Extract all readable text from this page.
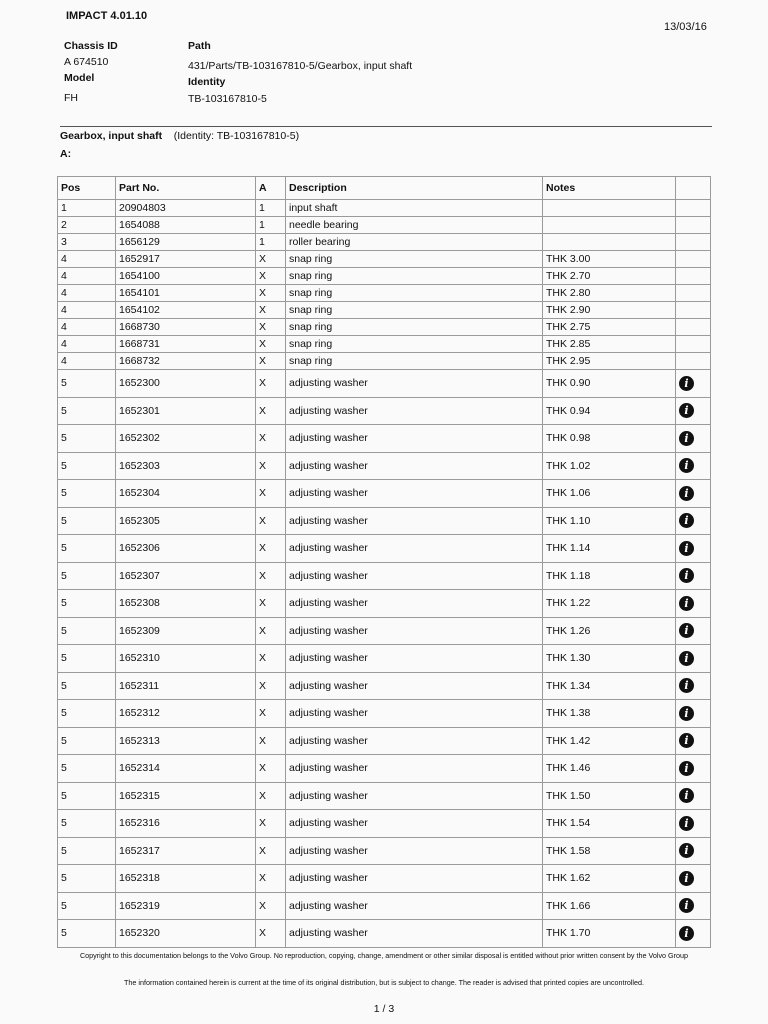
IMPACT 4.01.10
13/03/16
Chassis ID
A 674510
Model
FH
Path
431/Parts/TB-103167810-5/Gearbox, input shaft
Identity
TB-103167810-5
Gearbox, input shaft (Identity: TB-103167810-5)
A:
Pos	Part No.	A	Description	Notes	
1	20904803	1	input shaft		
2	1654088	1	needle bearing		
3	1656129	1	roller bearing		
4	1652917	X	snap ring	THK 3.00	
4	1654100	X	snap ring	THK 2.70	
4	1654101	X	snap ring	THK 2.80	
4	1654102	X	snap ring	THK 2.90	
4	1668730	X	snap ring	THK 2.75	
4	1668731	X	snap ring	THK 2.85	
4	1668732	X	snap ring	THK 2.95	
5	1652300	X	adjusting washer	THK 0.90	i
5	1652301	X	adjusting washer	THK 0.94	i
5	1652302	X	adjusting washer	THK 0.98	i
5	1652303	X	adjusting washer	THK 1.02	i
5	1652304	X	adjusting washer	THK 1.06	i
5	1652305	X	adjusting washer	THK 1.10	i
5	1652306	X	adjusting washer	THK 1.14	i
5	1652307	X	adjusting washer	THK 1.18	i
5	1652308	X	adjusting washer	THK 1.22	i
5	1652309	X	adjusting washer	THK 1.26	i
5	1652310	X	adjusting washer	THK 1.30	i
5	1652311	X	adjusting washer	THK 1.34	i
5	1652312	X	adjusting washer	THK 1.38	i
5	1652313	X	adjusting washer	THK 1.42	i
5	1652314	X	adjusting washer	THK 1.46	i
5	1652315	X	adjusting washer	THK 1.50	i
5	1652316	X	adjusting washer	THK 1.54	i
5	1652317	X	adjusting washer	THK 1.58	i
5	1652318	X	adjusting washer	THK 1.62	i
5	1652319	X	adjusting washer	THK 1.66	i
5	1652320	X	adjusting washer	THK 1.70	i
Copyright to this documentation belongs to the Volvo Group. No reproduction, copying, change, amendment or other similar disposal is entitled without prior written consent by the Volvo Group
The information contained herein is current at the time of its original distribution, but is subject to change. The reader is advised that printed copies are uncontrolled.
1 / 3
